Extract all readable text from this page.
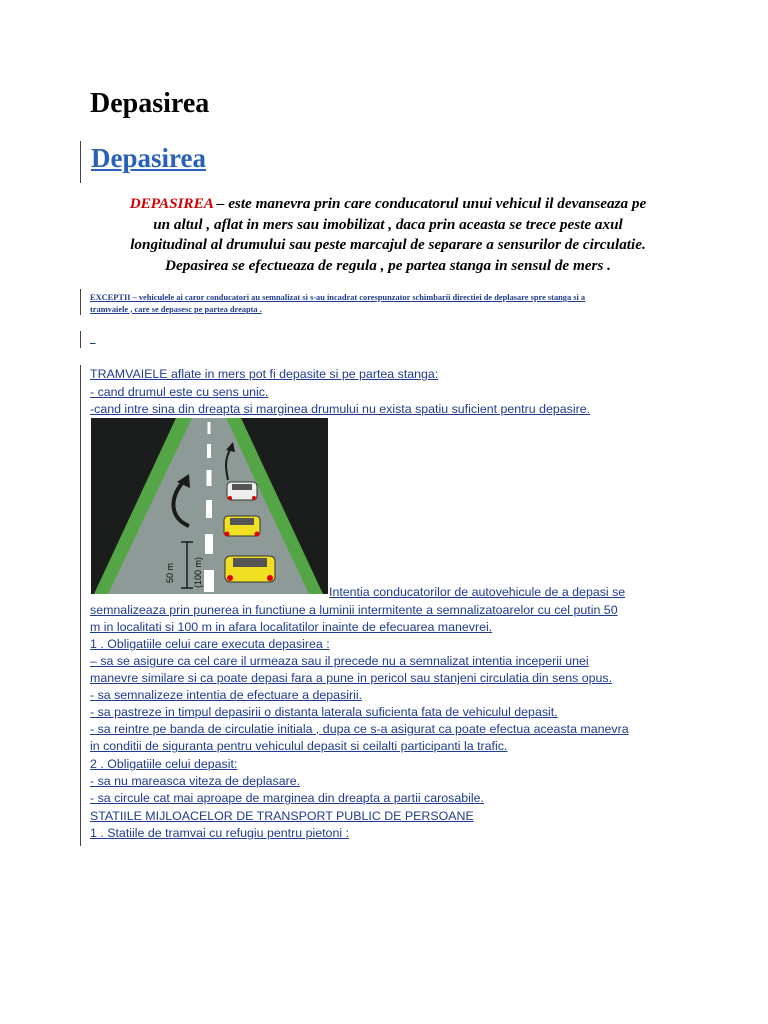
Depasirea
Depasirea
DEPASIREA – este manevra prin care conducatorul unui vehicul il devanseaza pe
un altul , aflat in mers sau imobilizat , daca prin aceasta se trece peste axul
longitudinal al drumului sau peste marcajul de separare a sensurilor de circulatie.
Depasirea se efectueaza de regula , pe partea stanga in sensul de mers .
EXCEPTII – vehiculele ai caror conducatori au semnalizat si s-au incadrat corespunzator schimbarii directiei de deplasare spre stanga si a
tramvaiele , care se depasesc pe partea dreapta .
_
TRAMVAIELE aflate in mers pot fi depasite si pe partea stanga:
- cand drumul este cu sens unic.
-cand intre sina din dreapta si marginea drumului nu exista spatiu suficient pentru depasire.
50 m (100 m)
Intentia conducatorilor de autovehicule de a depasi se
semnalizeaza prin punerea in functiune a luminii intermitente a semnalizatoarelor cu cel putin 50
m in localitati si 100 m in afara localitatilor inainte de efecuarea manevrei.
1 . Obligatiile celui care executa depasirea :
– sa se asigure ca cel care il urmeaza sau il precede nu a semnalizat intentia inceperii unei
manevre similare si ca poate depasi fara a pune in pericol sau stanjeni circulatia din sens opus.
- sa semnalizeze intentia de efectuare a depasirii.
- sa pastreze in timpul depasirii o distanta laterala suficienta fata de vehiculul depasit.
- sa reintre pe banda de circulatie initiala , dupa ce s-a asigurat ca poate efectua aceasta manevra
in conditii de siguranta pentru vehiculul depasit si ceilalti participanti la trafic.
2 . Obligatiile celui depasit:
- sa nu mareasca viteza de deplasare.
- sa circule cat mai aproape de marginea din dreapta a partii carosabile.
STATIILE MIJLOACELOR DE TRANSPORT PUBLIC DE PERSOANE
1 . Statiile de tramvai cu refugiu pentru pietoni :
